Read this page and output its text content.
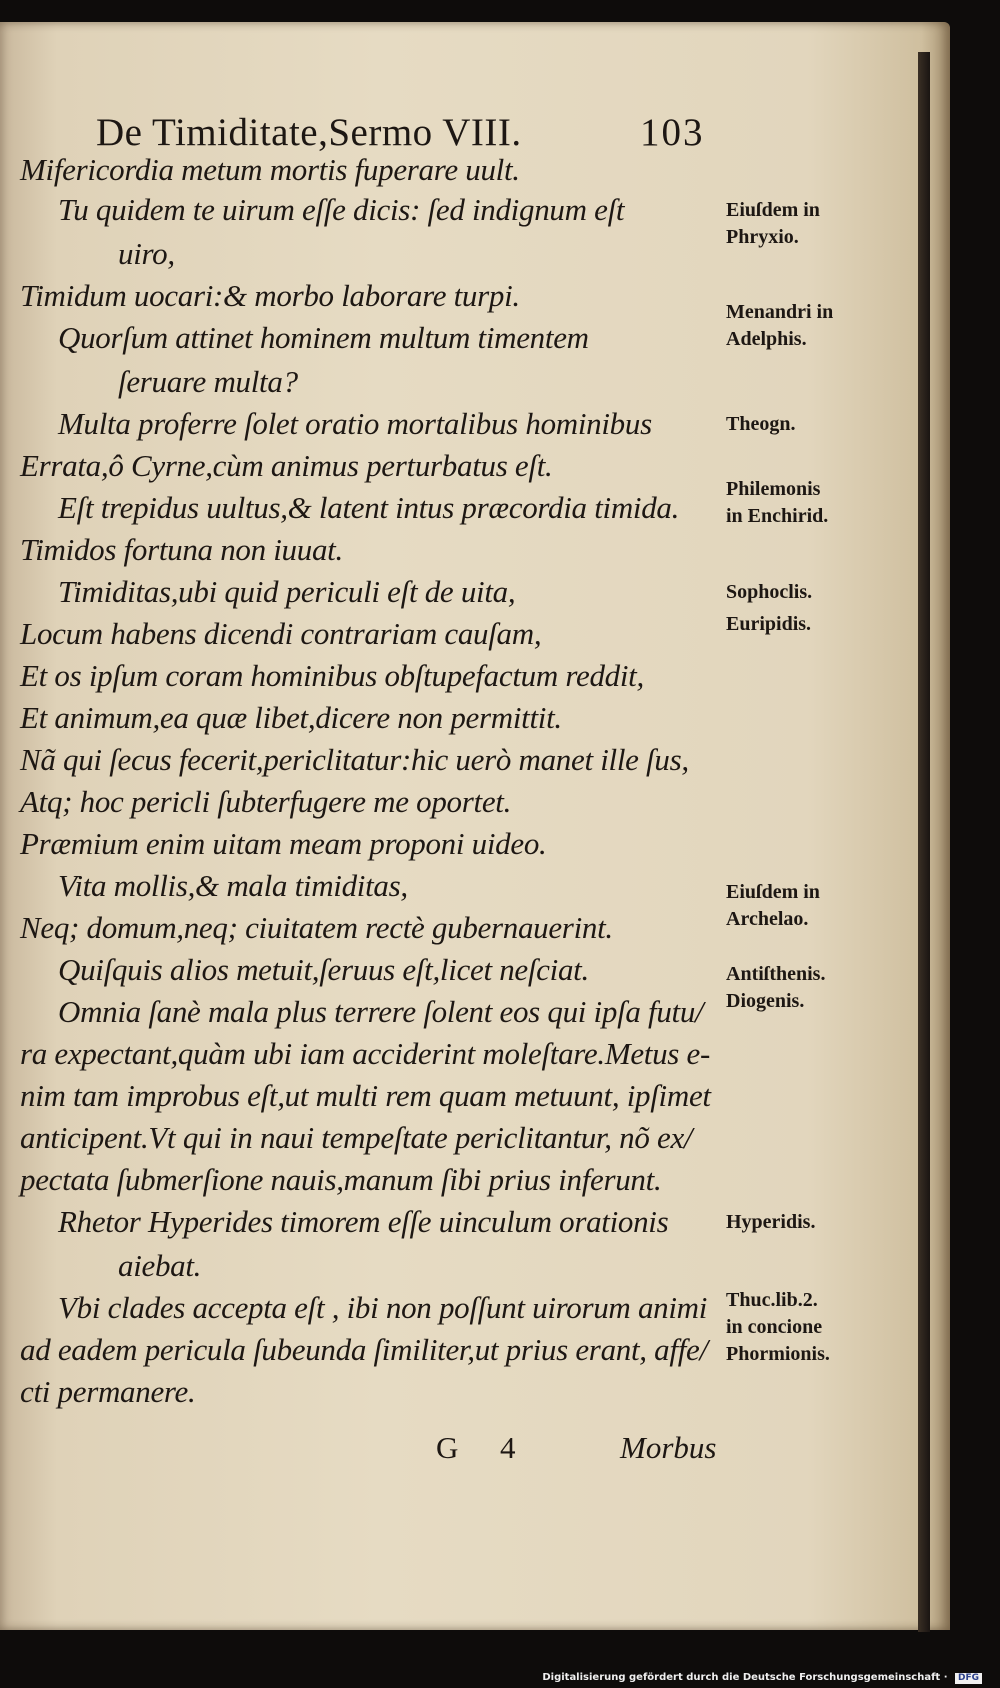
De Timiditate,Sermo VIII.	103
Mifericordia metum mortis fuperare uult.
Tu quidem te uirum eſſe dicis: ſed indignum eſt
uiro,
Timidum uocari:& morbo laborare turpi.
Quorſum attinet hominem multum timentem
ſeruare multa?
Multa proferre ſolet oratio mortalibus hominibus
Errata,ô Cyrne,cùm animus perturbatus eſt.
Eſt trepidus uultus,& latent intus præcordia timida.
Timidos fortuna non iuuat.
Timiditas,ubi quid periculi eſt de uita,
Locum habens dicendi contrariam cauſam,
Et os ipſum coram hominibus obſtupefactum reddit,
Et animum,ea quæ libet,dicere non permittit.
Nã qui ſecus fecerit,periclitatur:hic uerò manet ille ſus,
Atq; hoc pericli ſubterfugere me oportet.
Præmium enim uitam meam proponi uideo.
Vita mollis,& mala timiditas,
Neq; domum,neq; ciuitatem rectè gubernauerint.
Quiſquis alios metuit,ſeruus eſt,licet neſciat.
Omnia ſanè mala plus terrere ſolent eos qui ipſa futu/
ra expectant,quàm ubi iam acciderint moleſtare.Metus e-
nim tam improbus eſt,ut multi rem quam metuunt, ipſimet
anticipent.Vt qui in naui tempeſtate periclitantur, nõ ex/
pectata ſubmerſione nauis,manum ſibi prius inferunt.
Rhetor Hyperides timorem eſſe uinculum orationis
aiebat.
Vbi clades accepta eſt , ibi non poſſunt uirorum animi
ad eadem pericula ſubeunda ſimiliter,ut prius erant, affe/
cti permanere.
Eiuſdem in
Phryxio.
Menandri in
Adelphis.
Theogn.
Philemonis
in Enchirid.
Sophoclis.
Euripidis.
Eiuſdem in
Archelao.
Antiſthenis.
Diogenis.
Hyperidis.
Thuc.lib.2.
in concione
Phormionis.
G 4	Morbus
Digitalisierung gefördert durch die Deutsche Forschungsgemeinschaft · DFG
